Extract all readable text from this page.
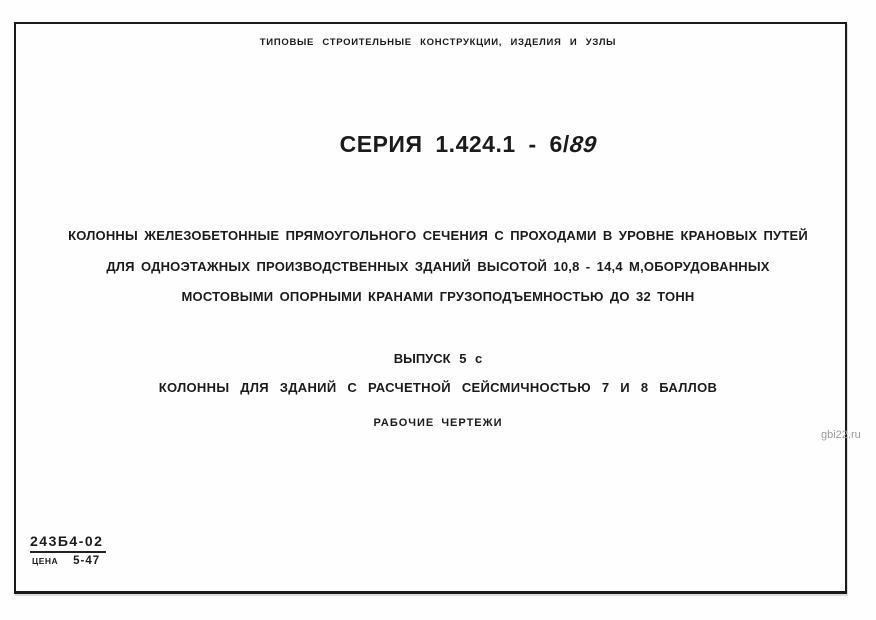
ТИПОВЫЕ СТРОИТЕЛЬНЫЕ КОНСТРУКЦИИ, ИЗДЕЛИЯ И УЗЛЫ
СЕРИЯ 1.424.1 - 6/89
КОЛОННЫ ЖЕЛЕЗОБЕТОННЫЕ ПРЯМОУГОЛЬНОГО СЕЧЕНИЯ С ПРОХОДАМИ В УРОВНЕ КРАНОВЫХ ПУТЕЙ
ДЛЯ ОДНОЭТАЖНЫХ ПРОИЗВОДСТВЕННЫХ ЗДАНИЙ ВЫСОТОЙ 10,8 - 14,4 М,ОБОРУДОВАННЫХ
МОСТОВЫМИ ОПОРНЫМИ КРАНАМИ ГРУЗОПОДЪЕМНОСТЬЮ ДО 32 ТОНН
ВЫПУСК 5 с
КОЛОННЫ ДЛЯ ЗДАНИЙ С РАСЧЕТНОЙ СЕЙСМИЧНОСТЬЮ 7 И 8 БАЛЛОВ
РАБОЧИЕ ЧЕРТЕЖИ
gbi22.ru
243Б4-02
ЦЕНА 5-47
